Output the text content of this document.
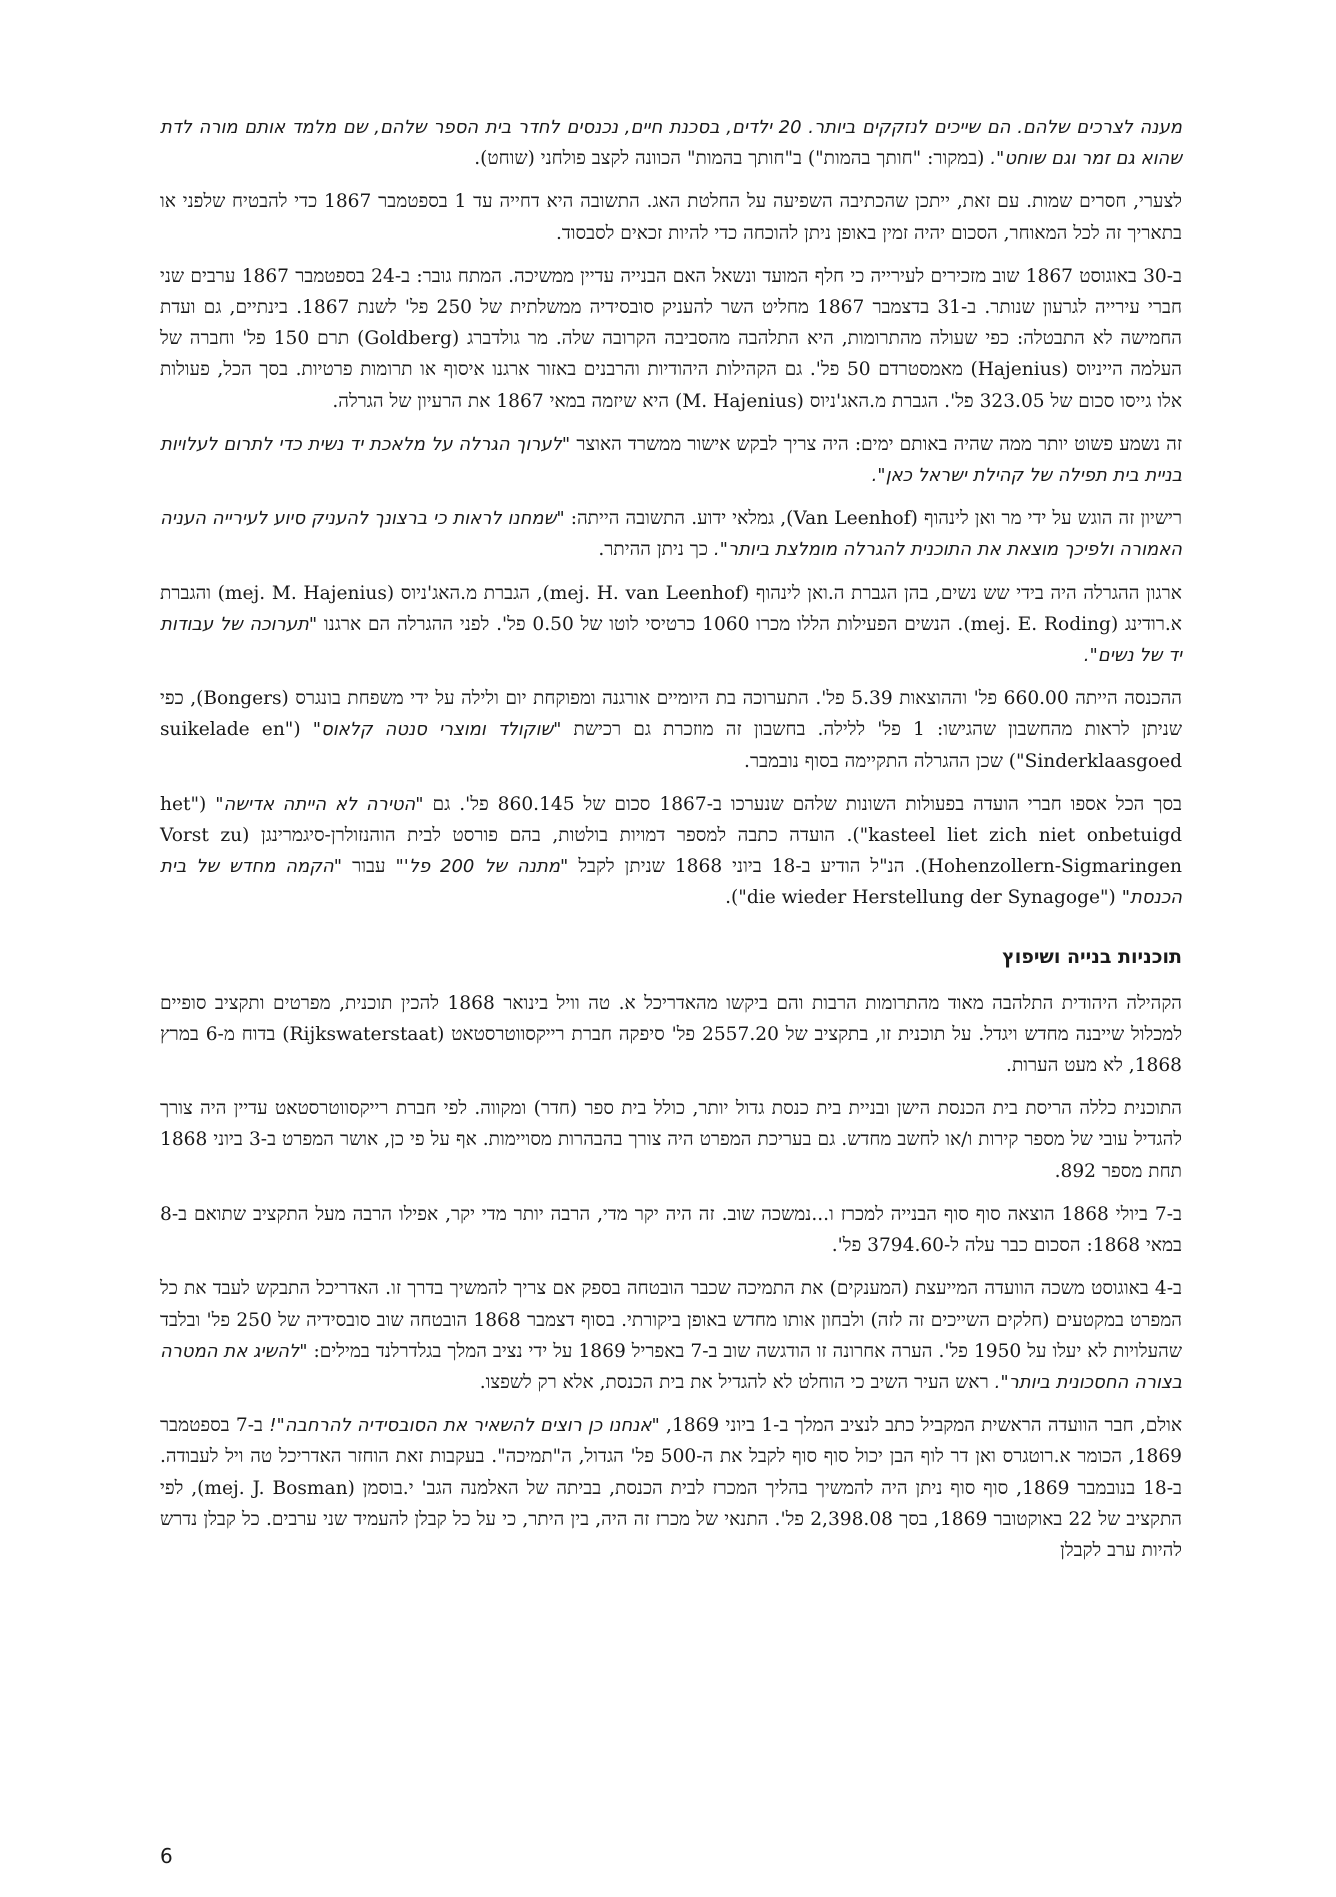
מענה לצרכים שלהם. הם שייכים לנזקקים ביותר. 20 ילדים, בסכנת חיים, נכנסים לחדר בית הספר שלהם, שם מלמד אותם מורה לדת שהוא גם זמר וגם שוחט". (במקור: "חותך בהמות") ב"חותך בהמות" הכוונה לקצב פולחני (שוחט).

לצערי, חסרים שמות. עם זאת, ייתכן שהכתיבה השפיעה על החלטת האג. התשובה היא דחייה עד 1 בספטמבר 1867 כדי להבטיח שלפני או בתאריך זה לכל המאוחר, הסכום יהיה זמין באופן ניתן להוכחה כדי להיות זכאים לסבסוד.

ב-30 באוגוסט 1867 שוב מזכירים לעירייה כי חלף המועד ונשאל האם הבנייה עדיין ממשיכה. המתח גובר: ב-24 בספטמבר 1867 ערבים שני חברי עירייה לגרעון שנותר. ב-31 בדצמבר 1867 מחליט השר להעניק סובסידיה ממשלתית של 250 פל' לשנת 1867. בינתיים, גם ועדת החמישה לא התבטלה: כפי שעולה מהתרומות, היא התלהבה מהסביבה הקרובה שלה. מר גולדברג (Goldberg) תרם 150 פל' וחברה של העלמה הייניוס (Hajenius) מאמסטרדם 50 פל'. גם הקהילות היהודיות והרבנים באזור ארגנו איסוף או תרומות פרטיות. בסך הכל, פעולות אלו גייסו סכום של 323.05 פל'. הגברת מ.האג'ניוס (M. Hajenius) היא שיזמה במאי 1867 את הרעיון של הגרלה.

זה נשמע פשוט יותר ממה שהיה באותם ימים: היה צריך לבקש אישור ממשרד האוצר "לערוך הגרלה על מלאכת יד נשית כדי לתרום לעלויות בניית בית תפילה של קהילת ישראל כאן".

רישיון זה הוגש על ידי מר ואן לינהוף (Van Leenhof), גמלאי ידוע. התשובה הייתה: "שמחנו לראות כי ברצונך להעניק סיוע לעירייה העניה האמורה ולפיכך מוצאת את התוכנית להגרלה מומלצת ביותר". כך ניתן ההיתר.

ארגון ההגרלה היה בידי שש נשים, בהן הגברת ה.ואן לינהוף (mej. H. van Leenhof), הגברת מ.האג'ניוס (mej. M. Hajenius) והגברת א.רודינג (mej. E. Roding). הנשים הפעילות הללו מכרו 1060 כרטיסי לוטו של 0.50 פל'. לפני ההגרלה הם ארגנו "תערוכה של עבודות יד של נשים".

ההכנסה הייתה 660.00 פל' וההוצאות 5.39 פל'. התערוכה בת היומיים אורגנה ומפוקחת יום ולילה על ידי משפחת בונגרס (Bongers), כפי שניתן לראות מהחשבון שהגישו: 1 פל' ללילה. בחשבון זה מוזכרת גם רכישת "שוקולד ומוצרי סנטה קלאוס" ("suikelade en Sinderklaasgoed") שכן ההגרלה התקיימה בסוף נובמבר.

בסך הכל אספו חברי הועדה בפעולות השונות שלהם שנערכו ב-1867 סכום של 860.145 פל'. גם "הטירה לא הייתה אדישה" ("het kasteel liet zich niet onbetuigd"). הועדה כתבה למספר דמויות בולטות, בהם פורסט לבית הוהנזולרן-סיגמרינגן (Vorst zu Hohenzollern-Sigmaringen). הנ"ל הודיע ב-18 ביוני 1868 שניתן לקבל "מתנה של 200 פל'" עבור "הקמה מחדש של בית הכנסת" ("die wieder Herstellung der Synagoge").

תוכניות בנייה ושיפוץ

הקהילה היהודית התלהבה מאוד מהתרומות הרבות והם ביקשו מהאדריכל א. טה וויל בינואר 1868 להכין תוכנית, מפרטים ותקציב סופיים למכלול שייבנה מחדש ויגדל. על תוכנית זו, בתקציב של 2557.20 פל' סיפקה חברת רייקסווטרסטאט (Rijkswaterstaat) בדוח מ-6 במרץ 1868, לא מעט הערות.

התוכנית כללה הריסת בית הכנסת הישן ובניית בית כנסת גדול יותר, כולל בית ספר (חדר) ומקווה. לפי חברת רייקסווטרסטאט עדיין היה צורך להגדיל עובי של מספר קירות ו/או לחשב מחדש. גם בעריכת המפרט היה צורך בהבהרות מסויימות. אף על פי כן, אושר המפרט ב-3 ביוני 1868 תחת מספר 892.

ב-7 ביולי 1868 הוצאה סוף סוף הבנייה למכרז ו...נמשכה שוב. זה היה יקר מדי, הרבה יותר מדי יקר, אפילו הרבה מעל התקציב שתואם ב-8 במאי 1868: הסכום כבר עלה ל-3794.60 פל'.

ב-4 באוגוסט משכה הוועדה המייעצת (המענקים) את התמיכה שכבר הובטחה בספק אם צריך להמשיך בדרך זו. האדריכל התבקש לעבד את כל המפרט במקטעים (חלקים השייכים זה לזה) ולבחון אותו מחדש באופן ביקורתי. בסוף דצמבר 1868 הובטחה שוב סובסידיה של 250 פל' ובלבד שהעלויות לא יעלו על 1950 פל'. הערה אחרונה זו הודגשה שוב ב-7 באפריל 1869 על ידי נציב המלך בגלדרלנד במילים: "להשיג את המטרה בצורה החסכונית ביותר". ראש העיר השיב כי הוחלט לא להגדיל את בית הכנסת, אלא רק לשפצו.

אולם, חבר הוועדה הראשית המקביל כתב לנציב המלך ב-1 ביוני 1869, "אנחנו כן רוצים להשאיר את הסובסידיה להרחבה"! ב-7 בספטמבר 1869, הכומר א.רוטגרס ואן דר לוף הבן יכול סוף סוף לקבל את ה-500 פל' הגדול, ה"תמיכה". בעקבות זאת הוחזר האדריכל טה ויל לעבודה. ב-18 בנובמבר 1869, סוף סוף ניתן היה להמשיך בהליך המכרז לבית הכנסת, בביתה של האלמנה הגב' י.בוסמן (mej. J. Bosman), לפי התקציב של 22 באוקטובר 1869, בסך 2,398.08 פל'. התנאי של מכרז זה היה, בין היתר, כי על כל קבלן להעמיד שני ערבים. כל קבלן נדרש להיות ערב לקבלן

6
